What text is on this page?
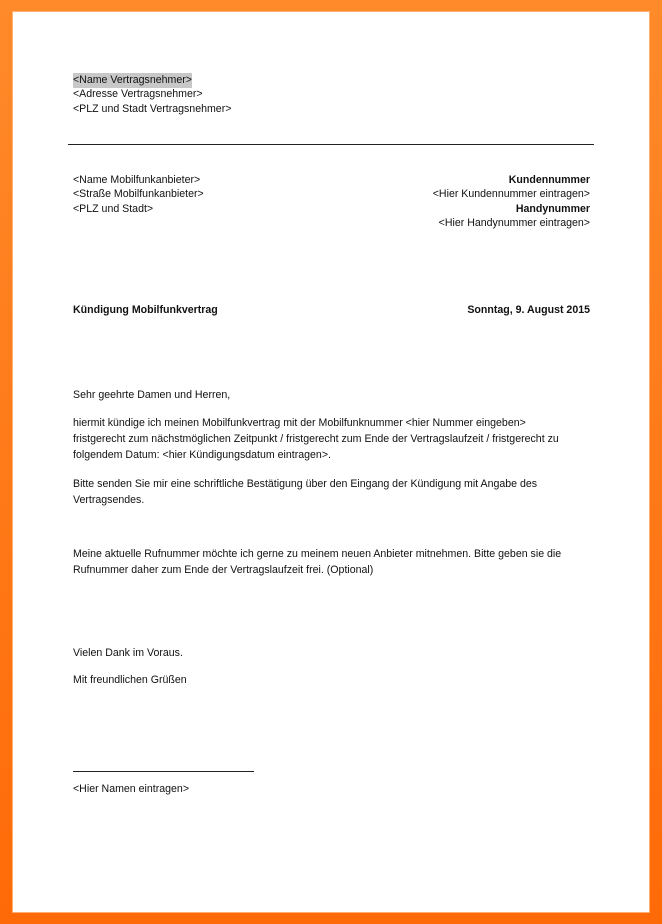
<Name Vertragsnehmer>
<Adresse Vertragsnehmer>
<PLZ und Stadt Vertragsnehmer>
<Name Mobilfunkanbieter>
<Straße Mobilfunkanbieter>
<PLZ und Stadt>
Kundennummer
<Hier Kundennummer eintragen>
Handynummer
<Hier Handynummer eintragen>
Kündigung Mobilfunkvertrag	Sonntag, 9. August 2015
Sehr geehrte Damen und Herren,
hiermit kündige ich meinen Mobilfunkvertrag mit der Mobilfunknummer <hier Nummer eingeben>
fristgerecht zum nächstmöglichen Zeitpunkt / fristgerecht zum Ende der Vertragslaufzeit / fristgerecht zu
folgendem Datum: <hier Kündigungsdatum eintragen>.
Bitte senden Sie mir eine schriftliche Bestätigung über den Eingang der Kündigung mit Angabe des
Vertragsendes.
Meine aktuelle Rufnummer möchte ich gerne zu meinem neuen Anbieter mitnehmen. Bitte geben sie die
Rufnummer daher zum Ende der Vertragslaufzeit frei. (Optional)
Vielen Dank im Voraus.
Mit freundlichen Grüßen
<Hier Namen eintragen>
